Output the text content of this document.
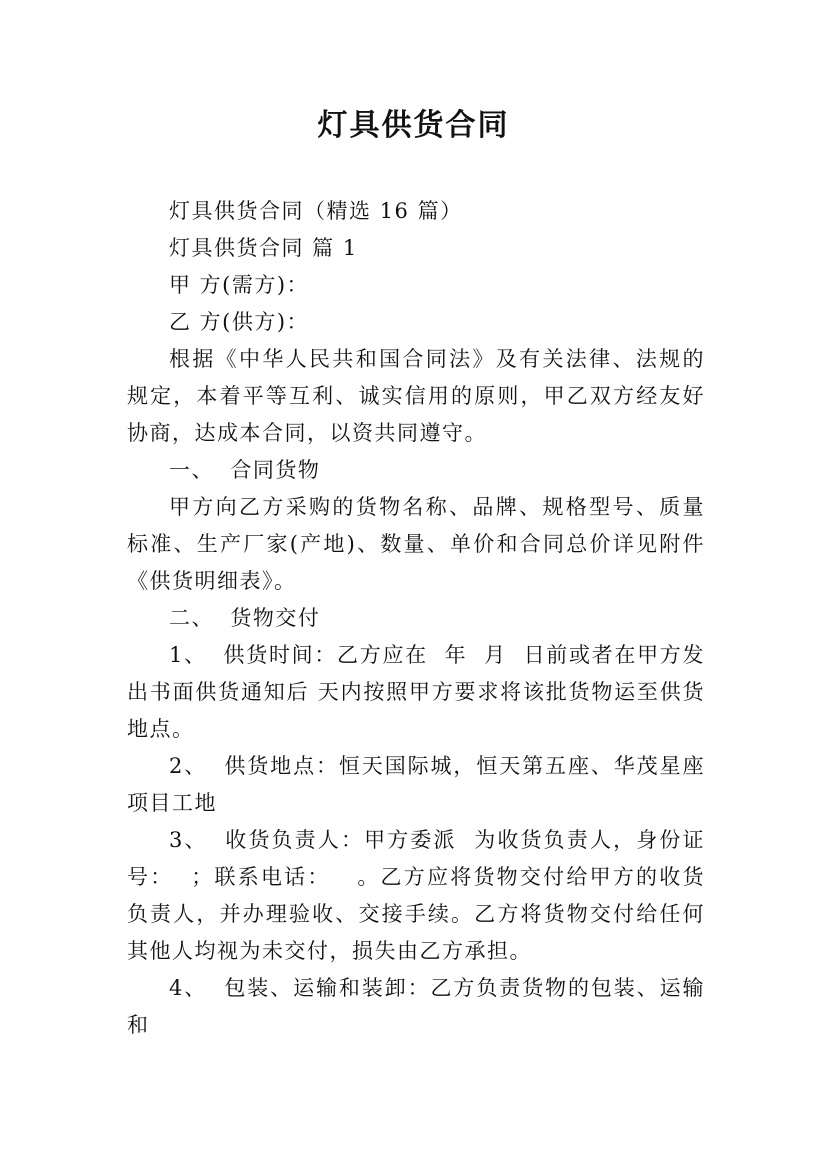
灯具供货合同

灯具供货合同（精选 16 篇）

灯具供货合同 篇 1

甲 方(需方)：

乙 方(供方)：

根据《中华人民共和国合同法》及有关法律、法规的规定，本着平等互利、诚实信用的原则，甲乙双方经友好协商，达成本合同，以资共同遵守。

一、  合同货物

甲方向乙方采购的货物名称、品牌、规格型号、质量标准、生产厂家(产地)、数量、单价和合同总价详见附件《供货明细表》。

二、  货物交付

1、  供货时间：乙方应在  年  月  日前或者在甲方发出书面供货通知后 天内按照甲方要求将该批货物运至供货地点。

2、  供货地点：恒天国际城，恒天第五座、华茂星座项目工地

3、  收货负责人：甲方委派  为收货负责人，身份证号：  ；联系电话：   。乙方应将货物交付给甲方的收货负责人，并办理验收、交接手续。乙方将货物交付给任何其他人均视为未交付，损失由乙方承担。

4、  包装、运输和装卸：乙方负责货物的包装、运输和
